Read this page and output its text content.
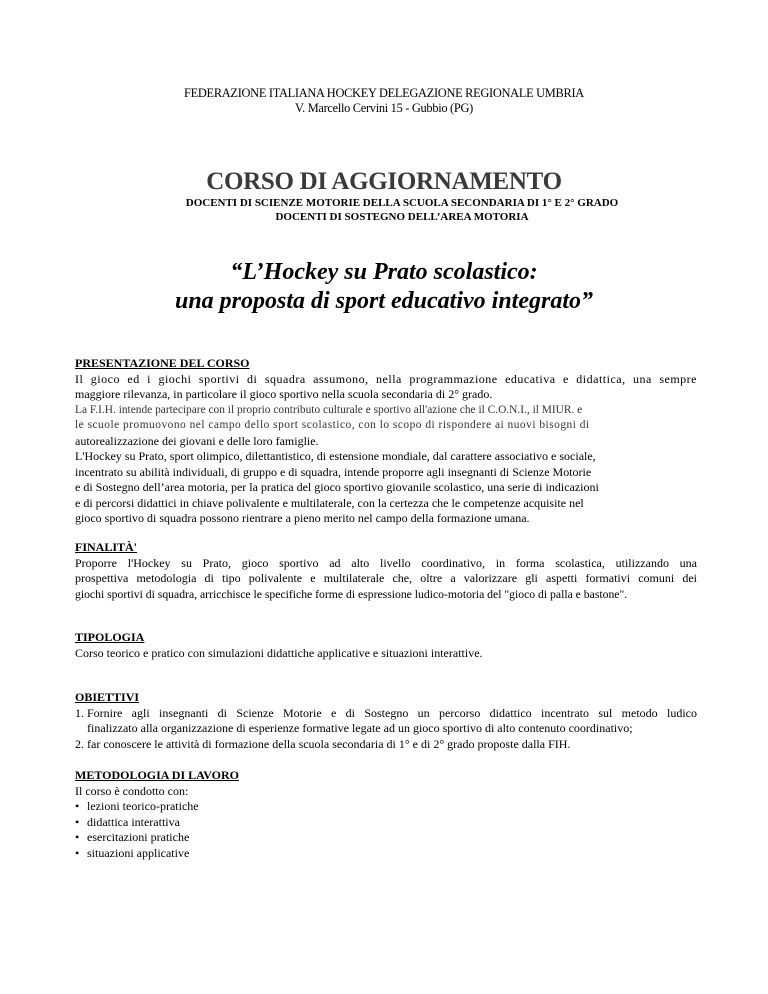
FEDERAZIONE ITALIANA HOCKEY DELEGAZIONE REGIONALE UMBRIA
V. Marcello Cervini 15 - Gubbio (PG)
CORSO DI AGGIORNAMENTO
DOCENTI DI SCIENZE MOTORIE DELLA SCUOLA SECONDARIA DI 1° E 2° GRADO
DOCENTI DI SOSTEGNO DELL’AREA MOTORIA
“L’Hockey su Prato scolastico:
una proposta di sport educativo integrato”
PRESENTAZIONE DEL CORSO
Il gioco ed i giochi sportivi di squadra assumono, nella programmazione educativa e didattica, una sempre
maggiore rilevanza, in particolare il gioco sportivo nella scuola secondaria di 2° grado.
La F.I.H. intende partecipare con il proprio contributo culturale e sportivo all'azione che il C.O.N.I., il MIUR. e
le scuole promuovono nel campo dello sport scolastico, con lo scopo di rispondere ai nuovi bisogni di
autorealizzazione dei giovani e delle loro famiglie.
L'Hockey su Prato, sport olimpico, dilettantistico, di estensione mondiale, dal carattere associativo e sociale,
incentrato su abilità individuali, di gruppo e di squadra, intende proporre agli insegnanti di Scienze Motorie
e di Sostegno dell’area motoria, per la pratica del gioco sportivo giovanile scolastico, una serie di indicazioni
e di percorsi didattici in chiave polivalente e multilaterale, con la certezza che le competenze acquisite nel
gioco sportivo di squadra possono rientrare a pieno merito nel campo della formazione umana.
FINALITÀ'
Proporre l'Hockey su Prato, gioco sportivo ad alto livello coordinativo, in forma scolastica, utilizzando una
prospettiva metodologia di tipo polivalente e multilaterale che, oltre a valorizzare gli aspetti formativi comuni dei
giochi sportivi di squadra, arricchisce le specifiche forme di espressione ludico-motoria del "gioco di palla e bastone".
TIPOLOGIA
Corso teorico e pratico con simulazioni didattiche applicative e situazioni interattive.
OBIETTIVI
1. Fornire agli insegnanti di Scienze Motorie e di Sostegno un percorso didattico incentrato sul metodo ludico
finalizzato alla organizzazione di esperienze formative legate ad un gioco sportivo di alto contenuto coordinativo;
2. far conoscere le attività di formazione della scuola secondaria di 1° e di 2° grado proposte dalla FIH.
METODOLOGIA DI LAVORO
Il corso è condotto con:
• lezioni teorico-pratiche
• didattica interattiva
• esercitazioni pratiche
• situazioni applicative
